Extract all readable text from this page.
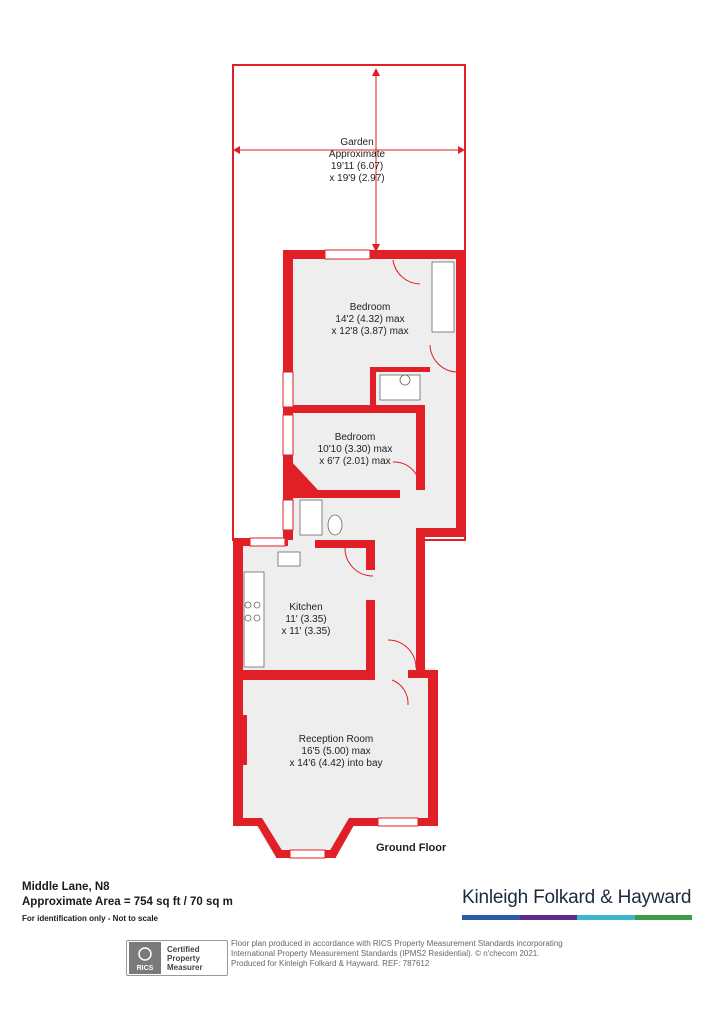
Garden
Approximate
19'11 (6.07)
x 19'9 (2.97)
Bedroom
14'2 (4.32) max
x 12'8 (3.87) max
Bedroom
10'10 (3.30) max
x 6'7 (2.01) max
Kitchen
11' (3.35)
x 11' (3.35)
Reception Room
16'5 (5.00) max
x 14'6 (4.42) into bay
Ground Floor
Middle Lane, N8
Approximate Area = 754 sq ft / 70 sq m
For identification only - Not to scale
Kinleigh Folkard & Hayward
RICS
Certified
Property
Measurer
Floor plan produced in accordance with RICS Property Measurement Standards incorporating
International Property Measurement Standards (IPMS2 Residential). © n'checom 2021.
Produced for Kinleigh Folkard & Hayward. REF: 787612
